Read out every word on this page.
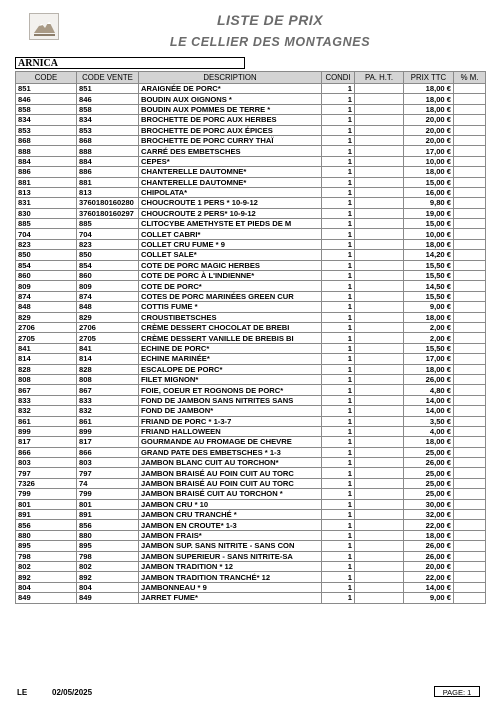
LISTE DE PRIX
LE CELLIER DES MONTAGNES
ARNICA
CODE	CODE VENTE	DESCRIPTION	CONDI	PA. H.T.	PRIX TTC	% M.
851	851	ARAIGNÉE DE PORC*	1		18,00 €	
846	846	BOUDIN AUX OIGNONS *	1		18,00 €	
858	858	BOUDIN AUX POMMES DE TERRE *	1		18,00 €	
834	834	BROCHETTE DE PORC AUX HERBES	1		20,00 €	
853	853	BROCHETTE DE PORC AUX ÉPICES	1		20,00 €	
868	868	BROCHETTE DE PORC CURRY THAÏ	1		20,00 €	
888	888	CARRÉ DES EMBETSCHES	1		17,00 €	
884	884	CEPES*	1		10,00 €	
886	886	CHANTERELLE DAUTOMNE*	1		18,00 €	
881	881	CHANTERELLE DAUTOMNE*	1		15,00 €	
813	813	CHIPOLATA*	1		16,00 €	
831	3760180160280	CHOUCROUTE 1 PERS * 10-9-12	1		9,80 €	
830	3760180160297	CHOUCROUTE 2 PERS* 10-9-12	1		19,00 €	
885	885	CLITOCYBE AMETHYSTE ET PIEDS DE M	1		15,00 €	
704	704	COLLET CABRI*	1		10,00 €	
823	823	COLLET CRU FUME * 9	1		18,00 €	
850	850	COLLET SALE*	1		14,20 €	
854	854	COTE DE PORC MAGIC HERBES	1		15,50 €	
860	860	COTE DE PORC À L'INDIENNE*	1		15,50 €	
809	809	COTE DE PORC*	1		14,50 €	
874	874	COTES DE PORC MARINÉES GREEN CUR	1		15,50 €	
848	848	COTTIS FUME *	1		9,00 €	
829	829	CROUSTIBETSCHES	1		18,00 €	
2706	2706	CRÈME DESSERT CHOCOLAT DE BREBI	1		2,00 €	
2705	2705	CRÈME DESSERT VANILLE DE BREBIS BI	1		2,00 €	
841	841	ECHINE DE PORC*	1		15,50 €	
814	814	ECHINE MARINÉE*	1		17,00 €	
828	828	ESCALOPE DE PORC*	1		18,00 €	
808	808	FILET MIGNON*	1		26,00 €	
867	867	FOIE, COEUR ET ROGNONS DE PORC*	1		4,80 €	
833	833	FOND DE JAMBON SANS NITRITES SANS	1		14,00 €	
832	832	FOND DE JAMBON*	1		14,00 €	
861	861	FRIAND DE PORC * 1-3-7	1		3,50 €	
899	899	FRIAND HALLOWEEN	1		4,00 €	
817	817	GOURMANDE AU FROMAGE DE CHEVRE	1		18,00 €	
866	866	GRAND PATE DES EMBETSCHES * 1-3	1		25,00 €	
803	803	JAMBON BLANC CUIT AU TORCHON*	1		26,00 €	
797	797	JAMBON BRAISÉ AU FOIN CUIT AU TORC	1		25,00 €	
7326	74	JAMBON BRAISÉ AU FOIN CUIT AU TORC	1		25,00 €	
799	799	JAMBON BRAISÉ CUIT AU TORCHON *	1		25,00 €	
801	801	JAMBON CRU * 10	1		30,00 €	
891	891	JAMBON CRU TRANCHÉ *	1		32,00 €	
856	856	JAMBON EN CROUTE* 1-3	1		22,00 €	
880	880	JAMBON FRAIS*	1		18,00 €	
895	895	JAMBON SUP. SANS NITRITE - SANS CON	1		26,00 €	
798	798	JAMBON SUPERIEUR - SANS NITRITE-SA	1		26,00 €	
802	802	JAMBON TRADITION * 12	1		20,00 €	
892	892	JAMBON TRADITION TRANCHÉ* 12	1		22,00 €	
804	804	JAMBONNEAU * 9	1		14,00 €	
849	849	JARRET FUME*	1		9,00 €	
LE	02/05/2025	PAGE: 1
